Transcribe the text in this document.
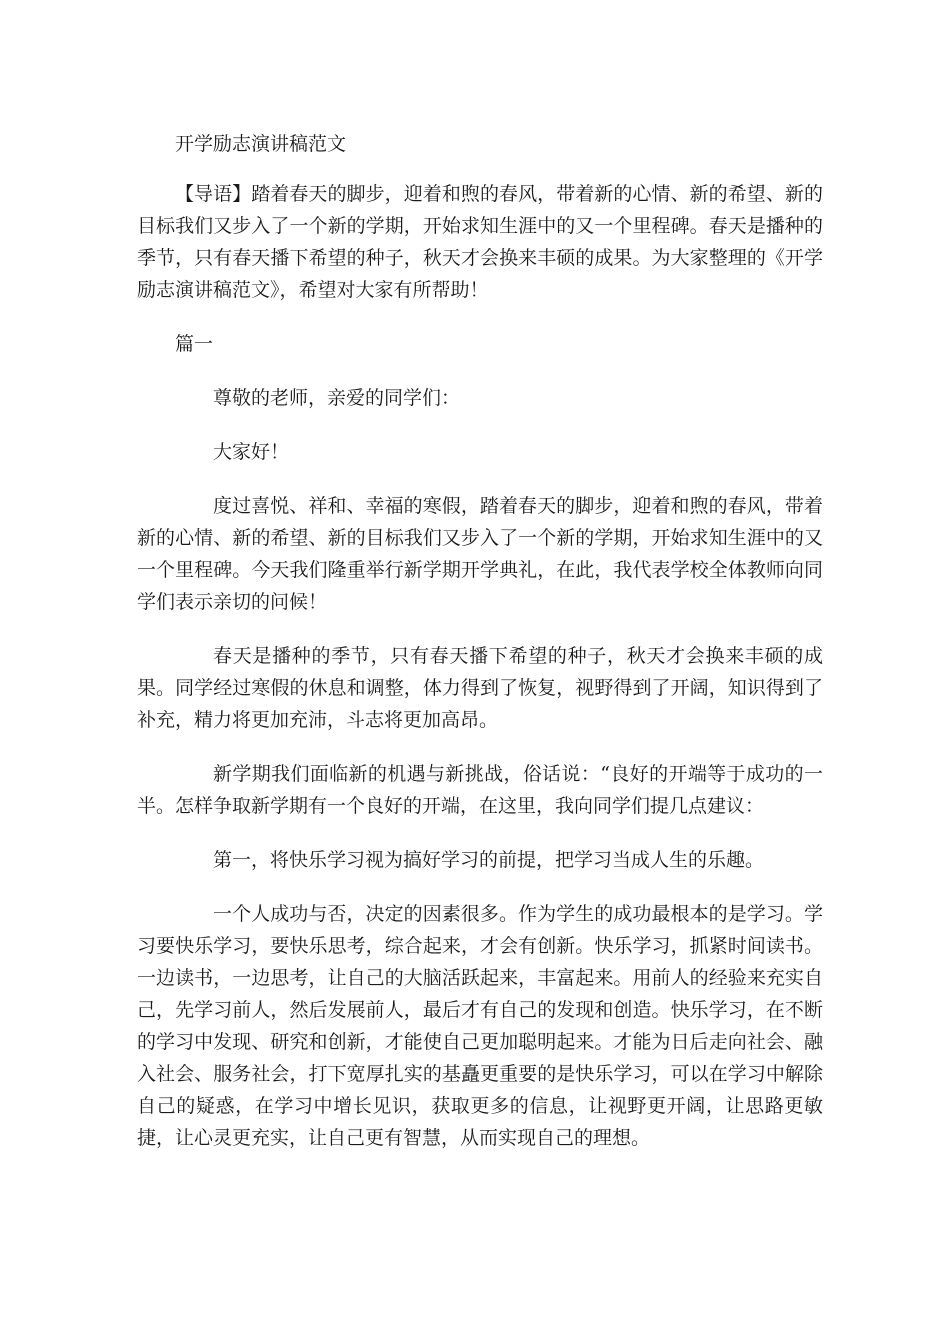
开学励志演讲稿范文

【导语】踏着春天的脚步，迎着和煦的春风，带着新的心情、新的希望、新的目标我们又步入了一个新的学期，开始求知生涯中的又一个里程碑。春天是播种的季节，只有春天播下希望的种子，秋天才会换来丰硕的成果。为大家整理的《开学励志演讲稿范文》，希望对大家有所帮助！

篇一

尊敬的老师，亲爱的同学们：

大家好！

度过喜悦、祥和、幸福的寒假，踏着春天的脚步，迎着和煦的春风，带着新的心情、新的希望、新的目标我们又步入了一个新的学期，开始求知生涯中的又一个里程碑。今天我们隆重举行新学期开学典礼，在此，我代表学校全体教师向同学们表示亲切的问候！

春天是播种的季节，只有春天播下希望的种子，秋天才会换来丰硕的成果。同学经过寒假的休息和调整，体力得到了恢复，视野得到了开阔，知识得到了补充，精力将更加充沛，斗志将更加高昂。

新学期我们面临新的机遇与新挑战，俗话说：“良好的开端等于成功的一半。怎样争取新学期有一个良好的开端，在这里，我向同学们提几点建议：

第一，将快乐学习视为搞好学习的前提，把学习当成人生的乐趣。

一个人成功与否，决定的因素很多。作为学生的成功最根本的是学习。学习要快乐学习，要快乐思考，综合起来，才会有创新。快乐学习，抓紧时间读书。一边读书，一边思考，让自己的大脑活跃起来，丰富起来。用前人的经验来充实自己，先学习前人，然后发展前人，最后才有自己的发现和创造。快乐学习，在不断的学习中发现、研究和创新，才能使自己更加聪明起来。才能为日后走向社会、融入社会、服务社会，打下宽厚扎实的基矗更重要的是快乐学习，可以在学习中解除自己的疑惑，在学习中增长见识，获取更多的信息，让视野更开阔，让思路更敏捷，让心灵更充实，让自己更有智慧，从而实现自己的理想。
